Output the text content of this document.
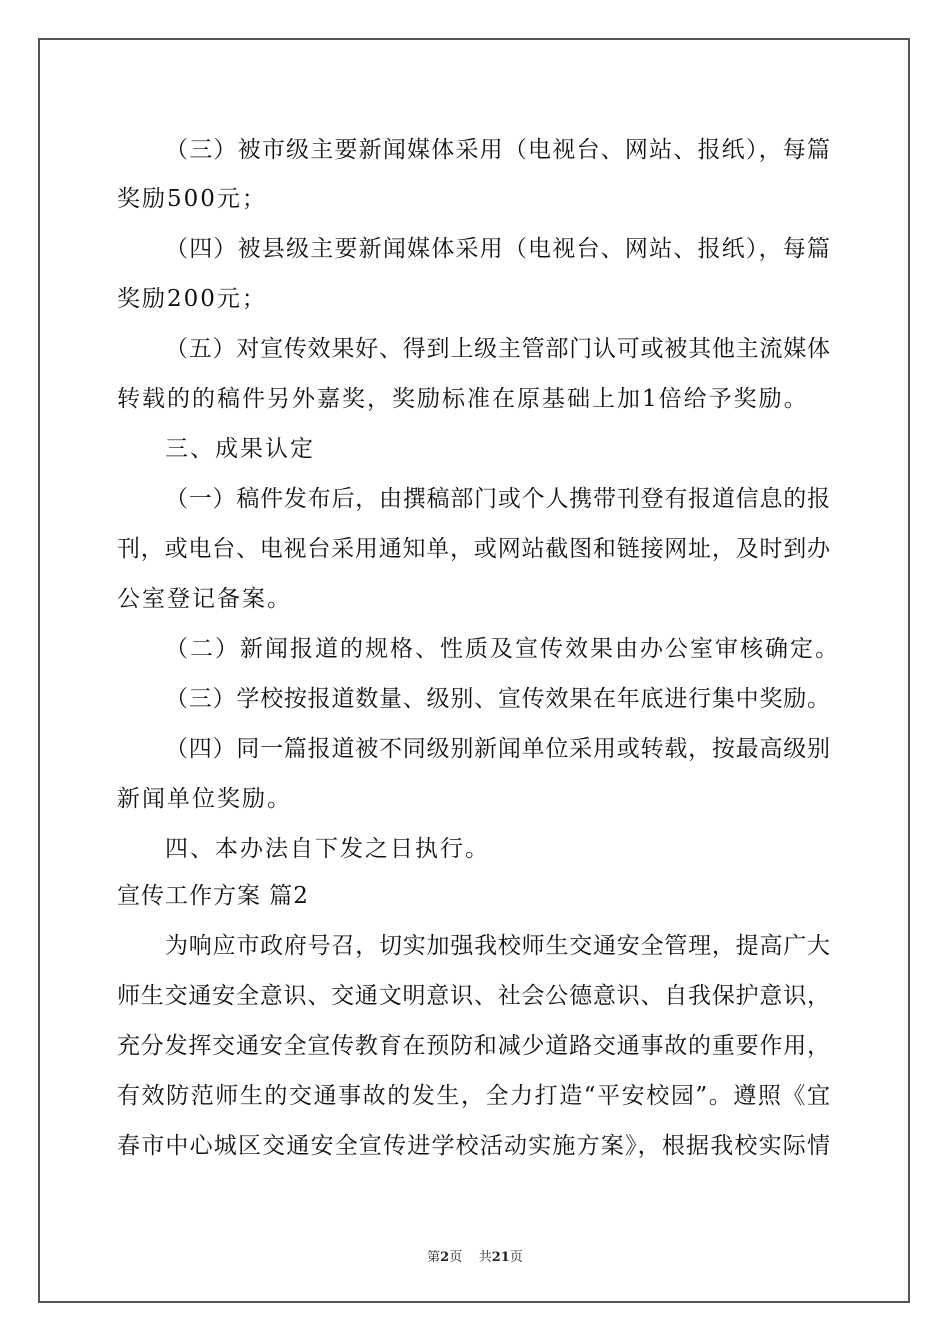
（三）被市级主要新闻媒体采用（电视台、网站、报纸），每篇
奖励500元；
（四）被县级主要新闻媒体采用（电视台、网站、报纸），每篇
奖励200元；
（五）对宣传效果好、得到上级主管部门认可或被其他主流媒体
转载的的稿件另外嘉奖，奖励标准在原基础上加1倍给予奖励。
三、成果认定
（一）稿件发布后，由撰稿部门或个人携带刊登有报道信息的报
刊，或电台、电视台采用通知单，或网站截图和链接网址，及时到办
公室登记备案。
（二）新闻报道的规格、性质及宣传效果由办公室审核确定。
（三）学校按报道数量、级别、宣传效果在年底进行集中奖励。
（四）同一篇报道被不同级别新闻单位采用或转载，按最高级别
新闻单位奖励。
四、本办法自下发之日执行。
宣传工作方案 篇2
为响应市政府号召，切实加强我校师生交通安全管理，提高广大
师生交通安全意识、交通文明意识、社会公德意识、自我保护意识，
充分发挥交通安全宣传教育在预防和减少道路交通事故的重要作用，
有效防范师生的交通事故的发生，全力打造“平安校园”。遵照《宜
春市中心城区交通安全宣传进学校活动实施方案》，根据我校实际情
第2页 共21页
